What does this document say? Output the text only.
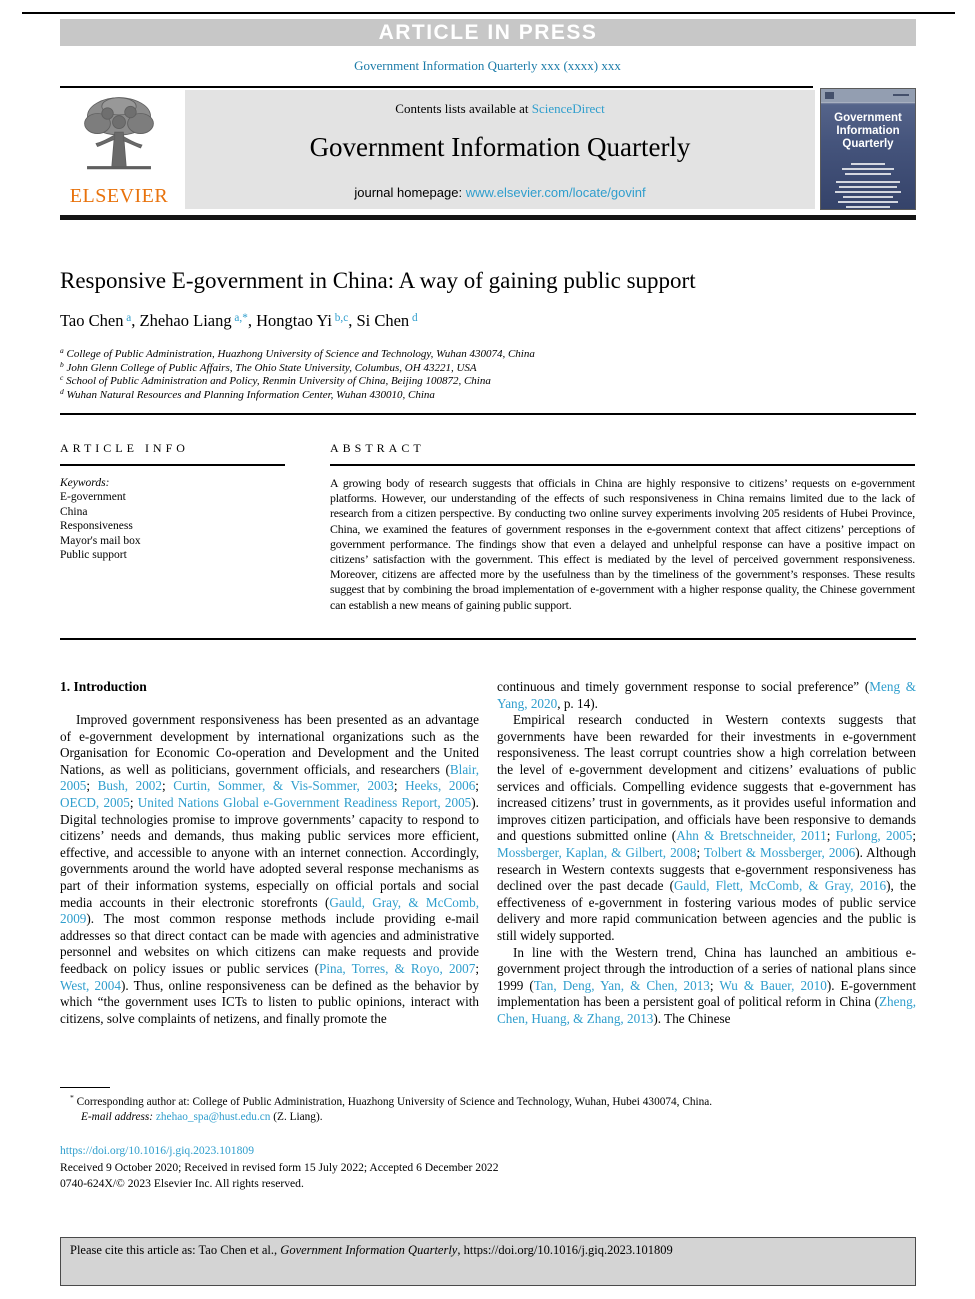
ARTICLE IN PRESS
Government Information Quarterly xxx (xxxx) xxx
ELSEVIER
Contents lists available at ScienceDirect
Government Information Quarterly
journal homepage: www.elsevier.com/locate/govinf
Government Information Quarterly
Responsive E-government in China: A way of gaining public support
Tao Chen $^a$, Zhehao Liang $^{a,*}$, Hongtao Yi $^{b,c}$, Si Chen $^d$
$^a$ College of Public Administration, Huazhong University of Science and Technology, Wuhan 430074, China
$^b$ John Glenn College of Public Affairs, The Ohio State University, Columbus, OH 43221, USA
$^c$ School of Public Administration and Policy, Renmin University of China, Beijing 100872, China
$^d$ Wuhan Natural Resources and Planning Information Center, Wuhan 430010, China
ARTICLE INFO
Keywords:
E-government
China
Responsiveness
Mayor's mail box
Public support
ABSTRACT
A growing body of research suggests that officials in China are highly responsive to citizens’ requests on e-government platforms. However, our understanding of the effects of such responsiveness in China remains limited due to the lack of research from a citizen perspective. By conducting two online survey experiments involving 205 residents of Hubei Province, China, we examined the features of government responses in the e-government context that affect citizens’ perceptions of government performance. The findings show that even a delayed and unhelpful response can have a positive impact on citizens’ satisfaction with the government. This effect is mediated by the level of perceived government responsiveness. Moreover, citizens are affected more by the usefulness than by the timeliness of the government’s responses. These results suggest that by combining the broad implementation of e-government with a higher response quality, the Chinese government can establish a new means of gaining public support.

1. Introduction

Improved government responsiveness has been presented as an advantage of e-government development by international organizations such as the Organisation for Economic Co-operation and Development and the United Nations, as well as politicians, government officials, and researchers (Blair, 2005; Bush, 2002; Curtin, Sommer, & Vis-Sommer, 2003; Heeks, 2006; OECD, 2005; United Nations Global e-Government Readiness Report, 2005). Digital technologies promise to improve governments’ capacity to respond to citizens’ needs and demands, thus making public services more efficient, effective, and accessible to anyone with an internet connection. Accordingly, governments around the world have adopted several response mechanisms as part of their information systems, especially on official portals and social media accounts in their electronic storefronts (Gauld, Gray, & McComb, 2009). The most common response methods include providing e-mail addresses so that direct contact can be made with agencies and administrative personnel and websites on which citizens can make requests and provide feedback on policy issues or public services (Pina, Torres, & Royo, 2007; West, 2004). Thus, online responsiveness can be defined as the behavior by which “the government uses ICTs to listen to public opinions, interact with citizens, solve complaints of netizens, and finally promote the

continuous and timely government response to social preference” (Meng & Yang, 2020, p. 14).

Empirical research conducted in Western contexts suggests that governments have been rewarded for their investments in e-government responsiveness. The least corrupt countries show a high correlation between the level of e-government development and citizens’ evaluations of public services and officials. Compelling evidence suggests that e-government has increased citizens’ trust in governments, as it provides useful information and improves citizen participation, and officials have been responsive to demands and questions submitted online (Ahn & Bretschneider, 2011; Furlong, 2005; Mossberger, Kaplan, & Gilbert, 2008; Tolbert & Mossberger, 2006). Although research in Western contexts suggests that e-government responsiveness has declined over the past decade (Gauld, Flett, McComb, & Gray, 2016), the effectiveness of e-government in fostering various modes of public service delivery and more rapid communication between agencies and the public is still widely supported.

In line with the Western trend, China has launched an ambitious e-government project through the introduction of a series of national plans since 1999 (Tan, Deng, Yan, & Chen, 2013; Wu & Bauer, 2010). E-government implementation has been a persistent goal of political reform in China (Zheng, Chen, Huang, & Zhang, 2013). The Chinese

* Corresponding author at: College of Public Administration, Huazhong University of Science and Technology, Wuhan, Hubei 430074, China.
E-mail address: zhehao_spa@hust.edu.cn (Z. Liang).
https://doi.org/10.1016/j.giq.2023.101809
Received 9 October 2020; Received in revised form 15 July 2022; Accepted 6 December 2022
0740-624X/© 2023 Elsevier Inc. All rights reserved.
Please cite this article as: Tao Chen et al., Government Information Quarterly, https://doi.org/10.1016/j.giq.2023.101809
